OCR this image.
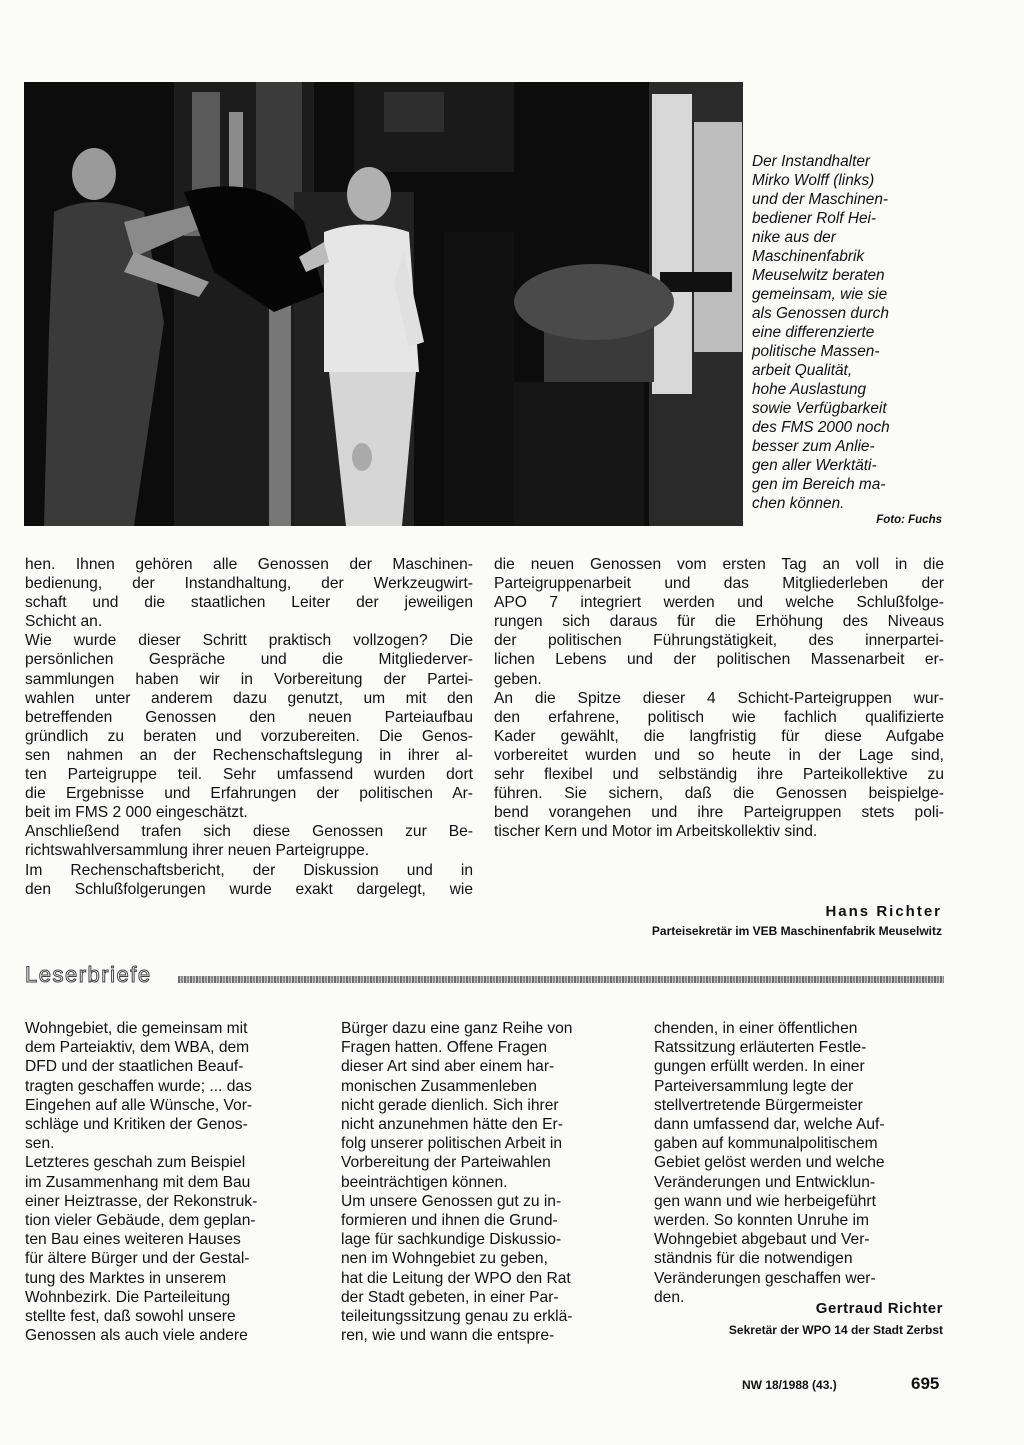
Der Instandhalter
Mirko Wolff (links)
und der Maschinen-
bediener Rolf Hei-
nike aus der
Maschinenfabrik
Meuselwitz beraten
gemeinsam, wie sie
als Genossen durch
eine differenzierte
politische Massen-
arbeit Qualität,
hohe Auslastung
sowie Verfügbarkeit
des FMS 2000 noch
besser zum Anlie-
gen aller Werktäti-
gen im Bereich ma-
chen können.
Foto: Fuchs
hen. Ihnen gehören alle Genossen der Maschinen-
bedienung, der Instandhaltung, der Werkzeugwirt-
schaft und die staatlichen Leiter der jeweiligen
Schicht an.
Wie wurde dieser Schritt praktisch vollzogen? Die
persönlichen Gespräche und die Mitgliederver-
sammlungen haben wir in Vorbereitung der Partei-
wahlen unter anderem dazu genutzt, um mit den
betreffenden Genossen den neuen Parteiaufbau
gründlich zu beraten und vorzubereiten. Die Genos-
sen nahmen an der Rechenschaftslegung in ihrer al-
ten Parteigruppe teil. Sehr umfassend wurden dort
die Ergebnisse und Erfahrungen der politischen Ar-
beit im FMS 2 000 eingeschätzt.
Anschließend trafen sich diese Genossen zur Be-
richtswahlversammlung ihrer neuen Parteigruppe.
Im Rechenschaftsbericht, der Diskussion und in
den Schlußfolgerungen wurde exakt dargelegt, wie
die neuen Genossen vom ersten Tag an voll in die
Parteigruppenarbeit und das Mitgliederleben der
APO 7 integriert werden und welche Schlußfolge-
rungen sich daraus für die Erhöhung des Niveaus
der politischen Führungstätigkeit, des innerpartei-
lichen Lebens und der politischen Massenarbeit er-
geben.
An die Spitze dieser 4 Schicht-Parteigruppen wur-
den erfahrene, politisch wie fachlich qualifizierte
Kader gewählt, die langfristig für diese Aufgabe
vorbereitet wurden und so heute in der Lage sind,
sehr flexibel und selbständig ihre Parteikollektive zu
führen. Sie sichern, daß die Genossen beispielge-
bend vorangehen und ihre Parteigruppen stets poli-
tischer Kern und Motor im Arbeitskollektiv sind.
Hans Richter
Parteisekretär im VEB Maschinenfabrik Meuselwitz
Leserbriefe
Wohngebiet, die gemeinsam mit
dem Parteiaktiv, dem WBA, dem
DFD und der staatlichen Beauf-
tragten geschaffen wurde; ... das
Eingehen auf alle Wünsche, Vor-
schläge und Kritiken der Genos-
sen.
Letzteres geschah zum Beispiel
im Zusammenhang mit dem Bau
einer Heiztrasse, der Rekonstruk-
tion vieler Gebäude, dem geplan-
ten Bau eines weiteren Hauses
für ältere Bürger und der Gestal-
tung des Marktes in unserem
Wohnbezirk. Die Parteileitung
stellte fest, daß sowohl unsere
Genossen als auch viele andere
Bürger dazu eine ganz Reihe von
Fragen hatten. Offene Fragen
dieser Art sind aber einem har-
monischen Zusammenleben
nicht gerade dienlich. Sich ihrer
nicht anzunehmen hätte den Er-
folg unserer politischen Arbeit in
Vorbereitung der Parteiwahlen
beeinträchtigen können.
Um unsere Genossen gut zu in-
formieren und ihnen die Grund-
lage für sachkundige Diskussio-
nen im Wohngebiet zu geben,
hat die Leitung der WPO den Rat
der Stadt gebeten, in einer Par-
teileitungssitzung genau zu erklä-
ren, wie und wann die entspre-
chenden, in einer öffentlichen
Ratssitzung erläuterten Festle-
gungen erfüllt werden. In einer
Parteiversammlung legte der
stellvertretende Bürgermeister
dann umfassend dar, welche Auf-
gaben auf kommunalpolitischem
Gebiet gelöst werden und welche
Veränderungen und Entwicklun-
gen wann und wie herbeigeführt
werden. So konnten Unruhe im
Wohngebiet abgebaut und Ver-
ständnis für die notwendigen
Veränderungen geschaffen wer-
den.
Gertraud Richter
Sekretär der WPO 14 der Stadt Zerbst
NW 18/1988 (43.)	695
